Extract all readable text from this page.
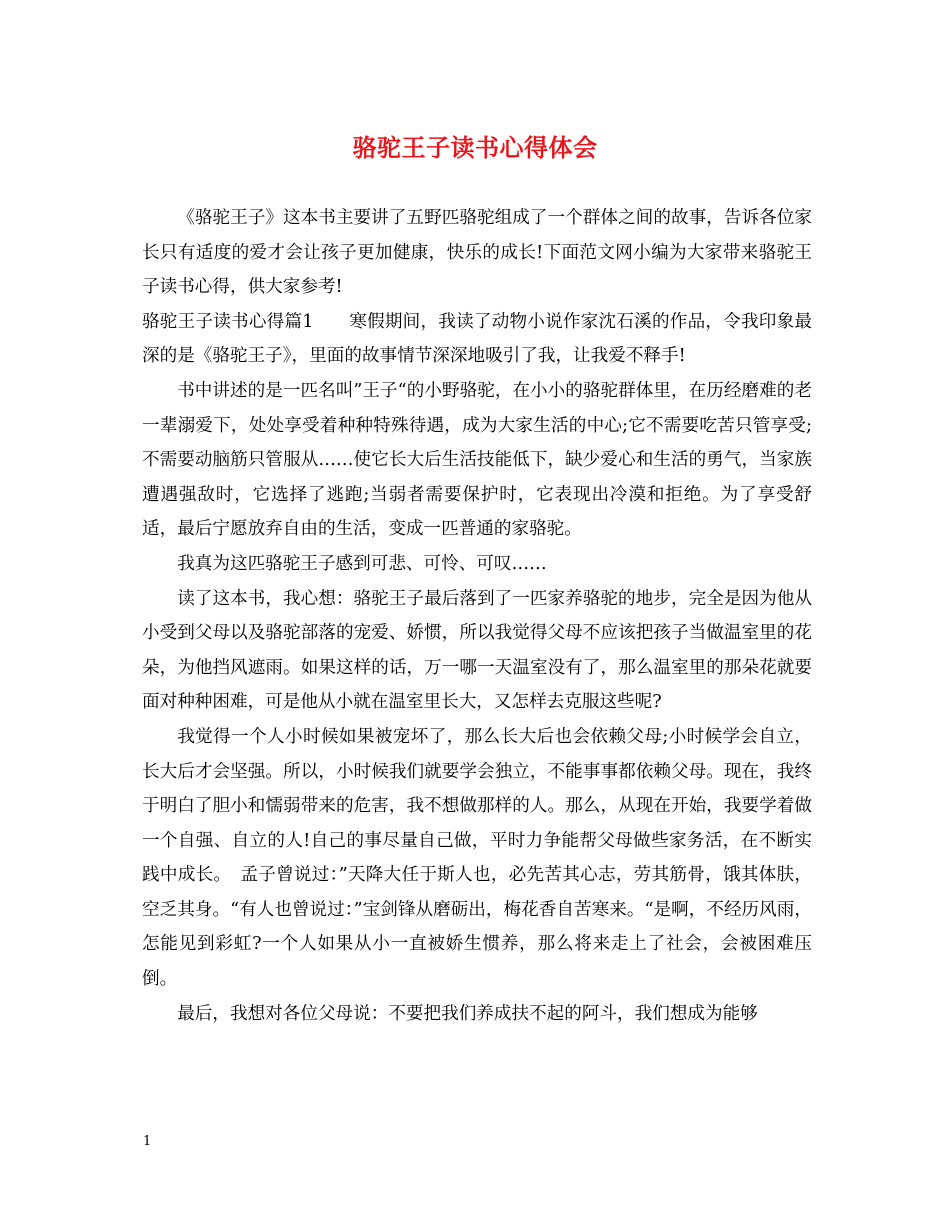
骆驼王子读书心得体会

《骆驼王子》这本书主要讲了五野匹骆驼组成了一个群体之间的故事，告诉各位家长只有适度的爱才会让孩子更加健康，快乐的成长!下面范文网小编为大家带来骆驼王子读书心得，供大家参考!

骆驼王子读书心得篇1　　寒假期间，我读了动物小说作家沈石溪的作品，令我印象最深的是《骆驼王子》，里面的故事情节深深地吸引了我，让我爱不释手!

书中讲述的是一匹名叫”王子“的小野骆驼，在小小的骆驼群体里，在历经磨难的老一辈溺爱下，处处享受着种种特殊待遇，成为大家生活的中心;它不需要吃苦只管享受;不需要动脑筋只管服从……使它长大后生活技能低下，缺少爱心和生活的勇气，当家族遭遇强敌时，它选择了逃跑;当弱者需要保护时，它表现出冷漠和拒绝。为了享受舒适，最后宁愿放弃自由的生活，变成一匹普通的家骆驼。

我真为这匹骆驼王子感到可悲、可怜、可叹……

读了这本书，我心想：骆驼王子最后落到了一匹家养骆驼的地步，完全是因为他从小受到父母以及骆驼部落的宠爱、娇惯，所以我觉得父母不应该把孩子当做温室里的花朵，为他挡风遮雨。如果这样的话，万一哪一天温室没有了，那么温室里的那朵花就要面对种种困难，可是他从小就在温室里长大，又怎样去克服这些呢?

我觉得一个人小时候如果被宠坏了，那么长大后也会依赖父母;小时候学会自立，长大后才会坚强。所以，小时候我们就要学会独立，不能事事都依赖父母。现在，我终于明白了胆小和懦弱带来的危害，我不想做那样的人。那么，从现在开始，我要学着做一个自强、自立的人!自己的事尽量自己做，平时力争能帮父母做些家务活，在不断实践中成长。　孟子曾说过：”天降大任于斯人也，必先苦其心志，劳其筋骨，饿其体肤，空乏其身。“有人也曾说过：”宝剑锋从磨砺出，梅花香自苦寒来。“是啊，不经历风雨，怎能见到彩虹?一个人如果从小一直被娇生惯养，那么将来走上了社会，会被困难压倒。

最后，我想对各位父母说：不要把我们养成扶不起的阿斗，我们想成为能够

1
